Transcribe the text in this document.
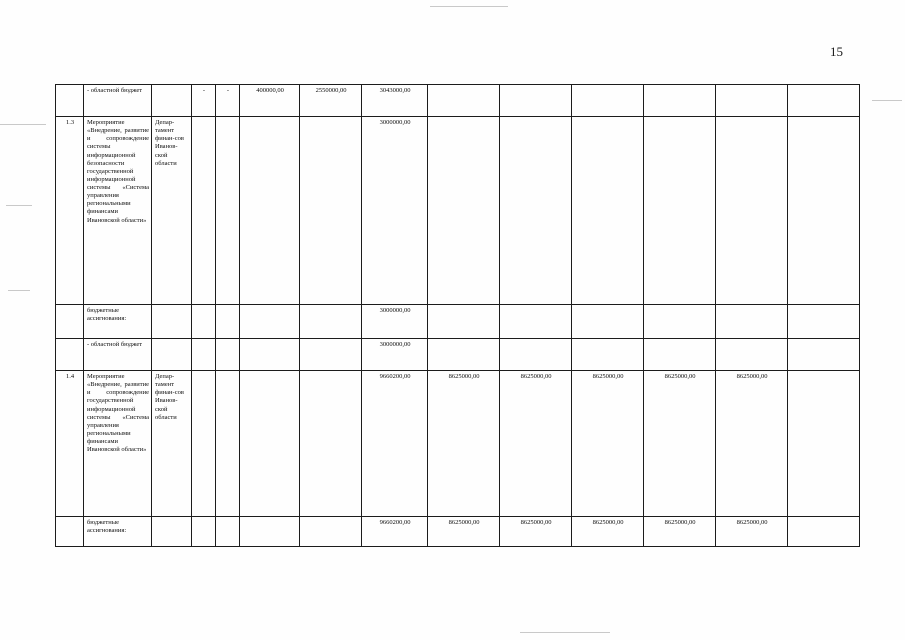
15
	- областной бюджет		-	-	400000,00	2550000,00	3043000,00						
1.3	Мероприятие «Внедрение, развитие и сопровождение системы информационной безопасности государственной информационной системы «Система управления региональными финансами Ивановской области»	Депар-тамент финан-сов Иванов-ской области					3000000,00						
	бюджетные ассигнования:						3000000,00						
	- областной бюджет						3000000,00						
1.4	Мероприятие «Внедрение, развитие и сопровождение государственной информационной системы «Система управления региональными финансами Ивановской области»	Депар-тамент финан-сов Иванов-ской области					9660200,00	8625000,00	8625000,00	8625000,00	8625000,00	8625000,00	
	бюджетные ассигнования:						9660200,00	8625000,00	8625000,00	8625000,00	8625000,00	8625000,00	
